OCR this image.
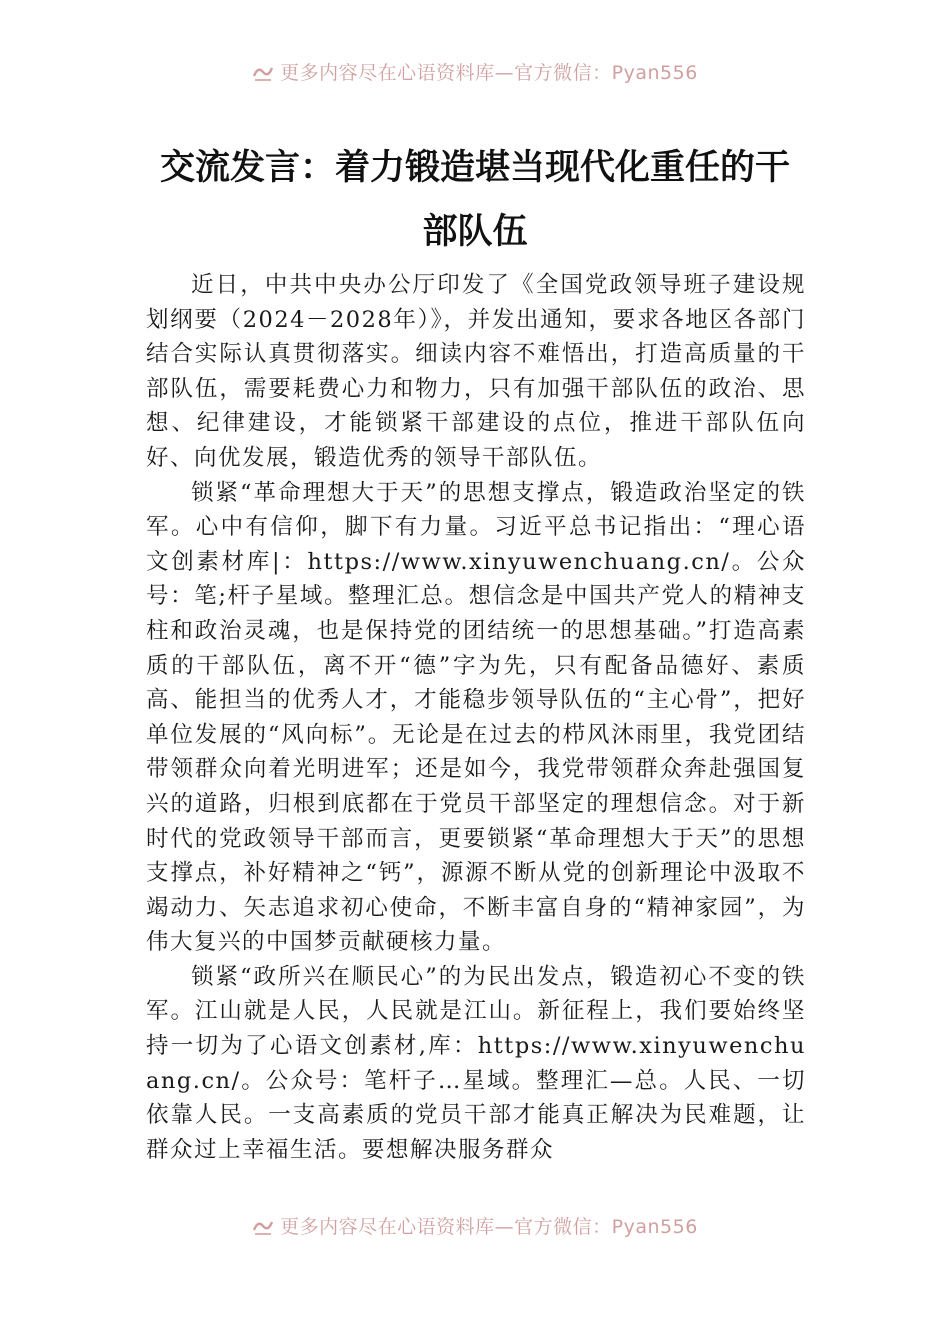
更多内容尽在心语资料库—官方微信：Pyan556
交流发言：着力锻造堪当现代化重任的干部队伍

近日，中共中央办公厅印发了《全国党政领导班子建设规划纲要（2024－2028年）》，并发出通知，要求各地区各部门结合实际认真贯彻落实。细读内容不难悟出，打造高质量的干部队伍，需要耗费心力和物力，只有加强干部队伍的政治、思想、纪律建设，才能锁紧干部建设的点位，推进干部队伍向好、向优发展，锻造优秀的领导干部队伍。

锁紧“革命理想大于天”的思想支撑点，锻造政治坚定的铁军。心中有信仰，脚下有力量。习近平总书记指出：“理心语文创素材库|：https://www.xinyuwenchuang.cn/。公众号：笔;杆子星域。整理汇总。想信念是中国共产党人的精神支柱和政治灵魂，也是保持党的团结统一的思想基础。”打造高素质的干部队伍，离不开“德”字为先，只有配备品德好、素质高、能担当的优秀人才，才能稳步领导队伍的“主心骨”，把好单位发展的“风向标”。无论是在过去的栉风沐雨里，我党团结带领群众向着光明进军；还是如今，我党带领群众奔赴强国复兴的道路，归根到底都在于党员干部坚定的理想信念。对于新时代的党政领导干部而言，更要锁紧“革命理想大于天”的思想支撑点，补好精神之“钙”，源源不断从党的创新理论中汲取不竭动力、矢志追求初心使命，不断丰富自身的“精神家园”，为伟大复兴的中国梦贡献硬核力量。

锁紧“政所兴在顺民心”的为民出发点，锻造初心不变的铁军。江山就是人民，人民就是江山。新征程上，我们要始终坚持一切为了心语文创素材,库：https://www.xinyuwenchuang.cn/。公众号：笔杆子…星域。整理汇—总。人民、一切依靠人民。一支高素质的党员干部才能真正解决为民难题，让群众过上幸福生活。要想解决服务群众

更多内容尽在心语资料库—官方微信：Pyan556
